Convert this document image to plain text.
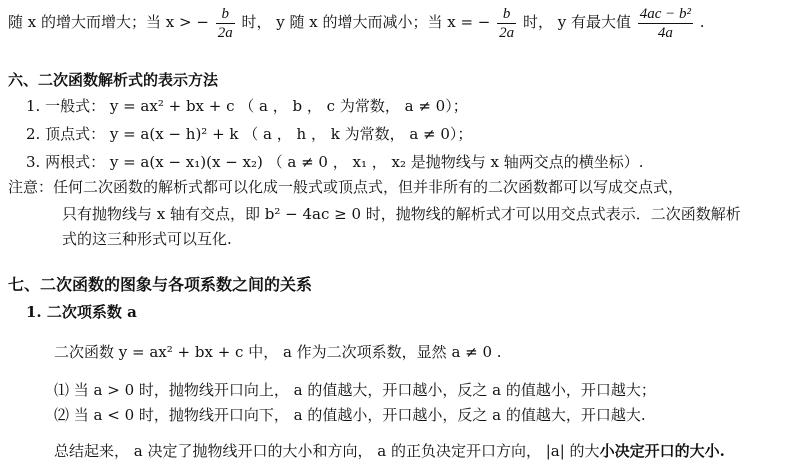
随 x 的增大而增大；当 x > − $\frac{b}{2a}$ 时， y 随 x 的增大而减小；当 x = − $\frac{b}{2a}$ 时， y 有最大值 $\frac{\text{4ac − b²}}{4a}$ .
六、二次函数解析式的表示方法
1. 一般式： y = ax² + bx + c （ a ， b ， c 为常数， a ≠ 0）；
2. 顶点式： y = a(x − h)² + k （ a ， h ， k 为常数， a ≠ 0）；
3. 两根式： y = a(x − x₁)(x − x₂) （ a ≠ 0 ， x₁ ， x₂ 是抛物线与 x 轴两交点的横坐标）.
注意：任何二次函数的解析式都可以化成一般式或顶点式，但并非所有的二次函数都可以写成交点式，
只有抛物线与 x 轴有交点，即 b² − 4ac ≥ 0 时，抛物线的解析式才可以用交点式表示．二次函数解析
式的这三种形式可以互化.
七、二次函数的图象与各项系数之间的关系
1. 二次项系数 a
二次函数 y = ax² + bx + c 中， a 作为二次项系数，显然 a ≠ 0 .
⑴ 当 a > 0 时，抛物线开口向上， a 的值越大，开口越小，反之 a 的值越小，开口越大；
⑵ 当 a < 0 时，抛物线开口向下， a 的值越小，开口越小，反之 a 的值越大，开口越大.
总结起来， a 决定了抛物线开口的大小和方向， a 的正负决定开口方向， |a| 的大小决定开口的大小.
